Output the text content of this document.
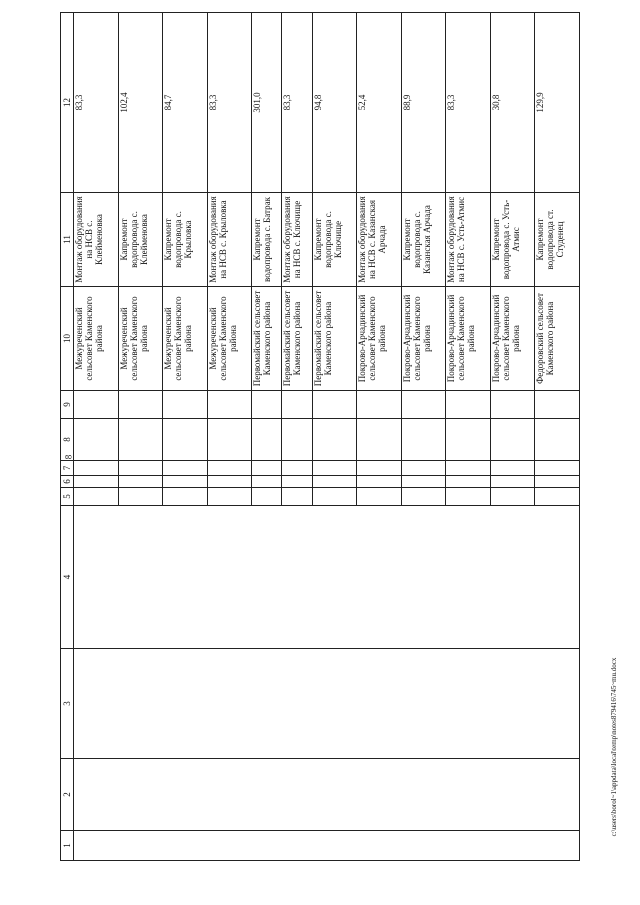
8
1	2	3	4	5	6	7	8	9	10	11	12
									Межуреченский сельсовет Каменского района	Монтаж оборудования на НСВ с. Клейменовка	83,3
									Межуреченский сельсовет Каменского района	Капремонт водопровода с. Клейменовка	102,4
									Межуреченский сельсовет Каменского района	Капремонт водопровода с. Крыловка	84,7
									Межуреченский сельсовет Каменского района	Монтаж оборудования на НСВ с. Крыловка	83,3
									Первомайский сельсовет Каменского района	Капремонт водопровода с. Батрак	301,0
									Первомайский сельсовет Каменского района	Монтаж оборудования на НСВ с. Ключище	83,3
									Первомайский сельсовет Каменского района	Капремонт водопровода с. Ключище	94,8
									Покрово-Арчадинский сельсовет Каменского района	Монтаж оборудования на НСВ с. Казанская Арчада	52,4
									Покрово-Арчадинский сельсовет Каменского района	Капремонт водопровода с. Казанская Арчада	88,9
									Покрово-Арчадинский сельсовет Каменского района	Монтаж оборудования на НСВ с. Усть-Атмис	83,3
									Покрово-Арчадинский сельсовет Каменского района	Капремонт водопровода с. Усть-Атмис	30,8
									Федоровский сельсовет Каменского района	Капремонт водопровода ст. Студенец	129,9
c:\users\borol~1\appdata\local\temp\notes879416\745~mu.docx
